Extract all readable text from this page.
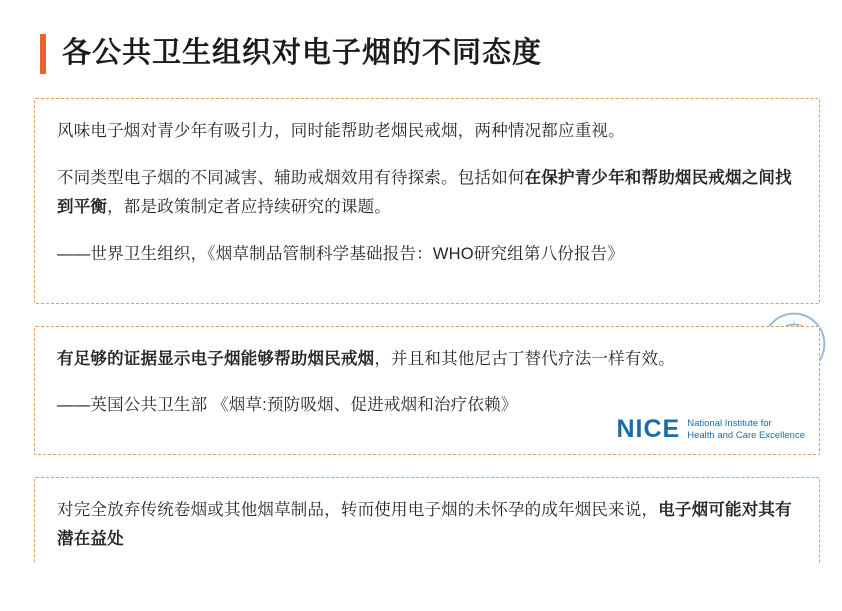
各公共卫生组织对电子烟的不同态度

风味电子烟对青少年有吸引力，同时能帮助老烟民戒烟，两种情况都应重视。

不同类型电子烟的不同减害、辅助戒烟效用有待探索。包括如何在保护青少年和帮助烟民戒烟之间找到平衡，都是政策制定者应持续研究的课题。

——世界卫生组织，《烟草制品管制科学基础报告：WHO研究组第八份报告》

有足够的证据显示电子烟能够帮助烟民戒烟，并且和其他尼古丁替代疗法一样有效。

——英国公共卫生部 《烟草:预防吸烟、促进戒烟和治疗依赖》

NICE National Institute for
Health and Care Excellence

对完全放弃传统卷烟或其他烟草制品，转而使用电子烟的未怀孕的成年烟民来说，电子烟可能对其有潜在益处
